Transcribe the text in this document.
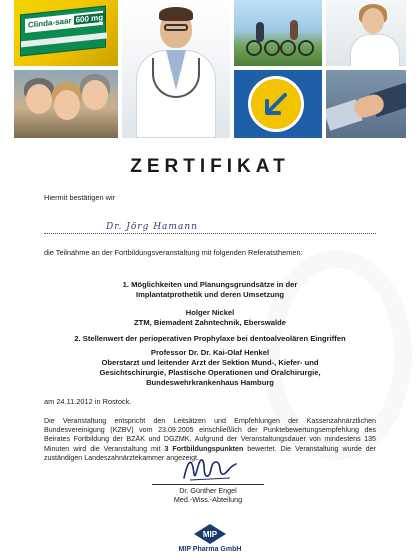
Clinda-saar 600 mg
ZERTIFIKAT
Hiermit bestätigen wir
Dr. Jörg Hamann
die Teilnahme an der Fortbildungsveranstaltung mit folgenden Referatsthemen:
1. Möglichkeiten und Planungsgrundsätze in der
Implantatprothetik und deren Umsetzung
Holger Nickel
ZTM, Biemadent Zahntechnik, Eberswalde
2. Stellenwert der perioperativen Prophylaxe bei dentoalveolären Eingriffen
Professor Dr. Dr. Kai-Olaf Henkel
Oberstarzt und leitender Arzt der Sektion Mund-, Kiefer- und
Gesichtschirurgie, Plastische Operationen und Oralchirurgie,
Bundeswehrkrankenhaus Hamburg
am 24.11.2012 in Rostock.
Die Veranstaltung entspricht den Leitsätzen und Empfehlungen der Kassenzahnärztlichen Bundesvereinigung (KZBV) vom 23.09.2005 einschließlich der Punktebewertungsempfehlung des Beirates Fortbildung der BZÄK und DGZMK. Aufgrund der Veranstaltungsdauer von mindestens 135 Minuten wird die Veranstaltung mit 3 Fortbildungspunkten bewertet. Die Veranstaltung wurde der zuständigen Landeszahnärztekammer angezeigt.
Dr. Günther Engel
Med.-Wiss.-Abteilung
MIP
MIP Pharma GmbH
